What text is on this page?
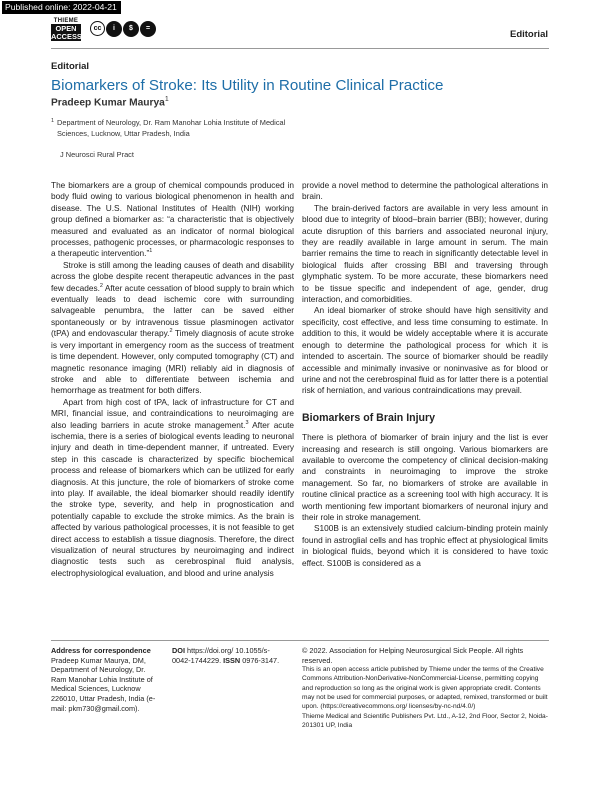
Published online: 2022-04-21
THIEME
OPEN
ACCESS
cc	i	$	=
Editorial
Editorial
Biomarkers of Stroke: Its Utility in Routine Clinical Practice
Pradeep Kumar Maurya$^1$
1 Department of Neurology, Dr. Ram Manohar Lohia Institute of Medical Sciences, Lucknow, Uttar Pradesh, India
J Neurosci Rural Pract

The biomarkers are a group of chemical compounds produced in body fluid owing to various biological phenomenon in health and disease. The U.S. National Institutes of Health (NIH) working group defined a biomarker as: “a characteristic that is objectively measured and evaluated as an indicator of normal biological processes, pathogenic processes, or pharmacologic responses to a therapeutic intervention.”$^1$

Stroke is still among the leading causes of death and disability across the globe despite recent therapeutic advances in the past few decades.$^2$ After acute cessation of blood supply to brain which eventually leads to dead ischemic core with surrounding salvageable penumbra, the latter can be saved either spontaneously or by intravenous tissue plasminogen activator (tPA) and endovascular therapy.$^2$ Timely diagnosis of acute stroke is very important in emergency room as the success of treatment is time dependent. However, only computed tomography (CT) and magnetic resonance imaging (MRI) reliably aid in diagnosis of stroke and able to differentiate between ischemia and hemorrhage as treatment for both differs.

Apart from high cost of tPA, lack of infrastructure for CT and MRI, financial issue, and contraindications to neuroimaging are also leading barriers in acute stroke management.$^3$ After acute ischemia, there is a series of biological events leading to neuronal injury and death in time-dependent manner, if untreated. Every step in this cascade is characterized by specific biochemical process and release of biomarkers which can be utilized for early diagnosis. At this juncture, the role of biomarkers of stroke come into play. If available, the ideal biomarker should readily identify the stroke type, severity, and help in prognostication and potentially capable to exclude the stroke mimics. As the brain is affected by various pathological processes, it is not feasible to get direct access to establish a tissue diagnosis. Therefore, the direct visualization of neural structures by neuroimaging and indirect diagnostic tests such as cerebrospinal fluid analysis, electrophysiological evaluation, and blood and urine analysis

provide a novel method to determine the pathological alterations in brain.

The brain-derived factors are available in very less amount in blood due to integrity of blood–brain barrier (BBI); however, during acute disruption of this barriers and associated neuronal injury, they are readily available in large amount in serum. The main barrier remains the time to reach in significantly detectable level in biological fluids after crossing BBI and traversing through glymphatic system. To be more accurate, these biomarkers need to be tissue specific and independent of age, gender, drug interaction, and comorbidities.

An ideal biomarker of stroke should have high sensitivity and specificity, cost effective, and less time consuming to estimate. In addition to this, it would be widely acceptable where it is accurate enough to determine the pathological process for which it is intended to ascertain. The source of biomarker should be readily accessible and minimally invasive or noninvasive as for blood or urine and not the cerebrospinal fluid as for latter there is a potential risk of herniation, and various contraindications may prevail.

Biomarkers of Brain Injury

There is plethora of biomarker of brain injury and the list is ever increasing and research is still ongoing. Various biomarkers are available to overcome the competency of clinical decision-making and constraints in neuroimaging to improve the stroke management. So far, no biomarkers of stroke are available in routine clinical practice as a screening tool with high accuracy. It is worth mentioning few important biomarkers of neuronal injury and their role in stroke management.

S100B is an extensively studied calcium-binding protein mainly found in astroglial cells and has trophic effect at physiological limits in biological fluids, beyond which it is considered to have toxic effect. S100B is considered as a

Address for correspondence Pradeep Kumar Maurya, DM, Department of Neurology, Dr. Ram Manohar Lohia Institute of Medical Sciences, Lucknow 226010, Uttar Pradesh, India (e-mail: pkm730@gmail.com).
DOI https://doi.org/ 10.1055/s-0042-1744229. ISSN 0976-3147.
© 2022. Association for Helping Neurosurgical Sick People. All rights reserved.
This is an open access article published by Thieme under the terms of the Creative Commons Attribution-NonDerivative-NonCommercial-License, permitting copying and reproduction so long as the original work is given appropriate credit. Contents may not be used for commercial purposes, or adapted, remixed, transformed or built upon. (https://creativecommons.org/ licenses/by-nc-nd/4.0/)
Thieme Medical and Scientific Publishers Pvt. Ltd., A-12, 2nd Floor, Sector 2, Noida-201301 UP, India
